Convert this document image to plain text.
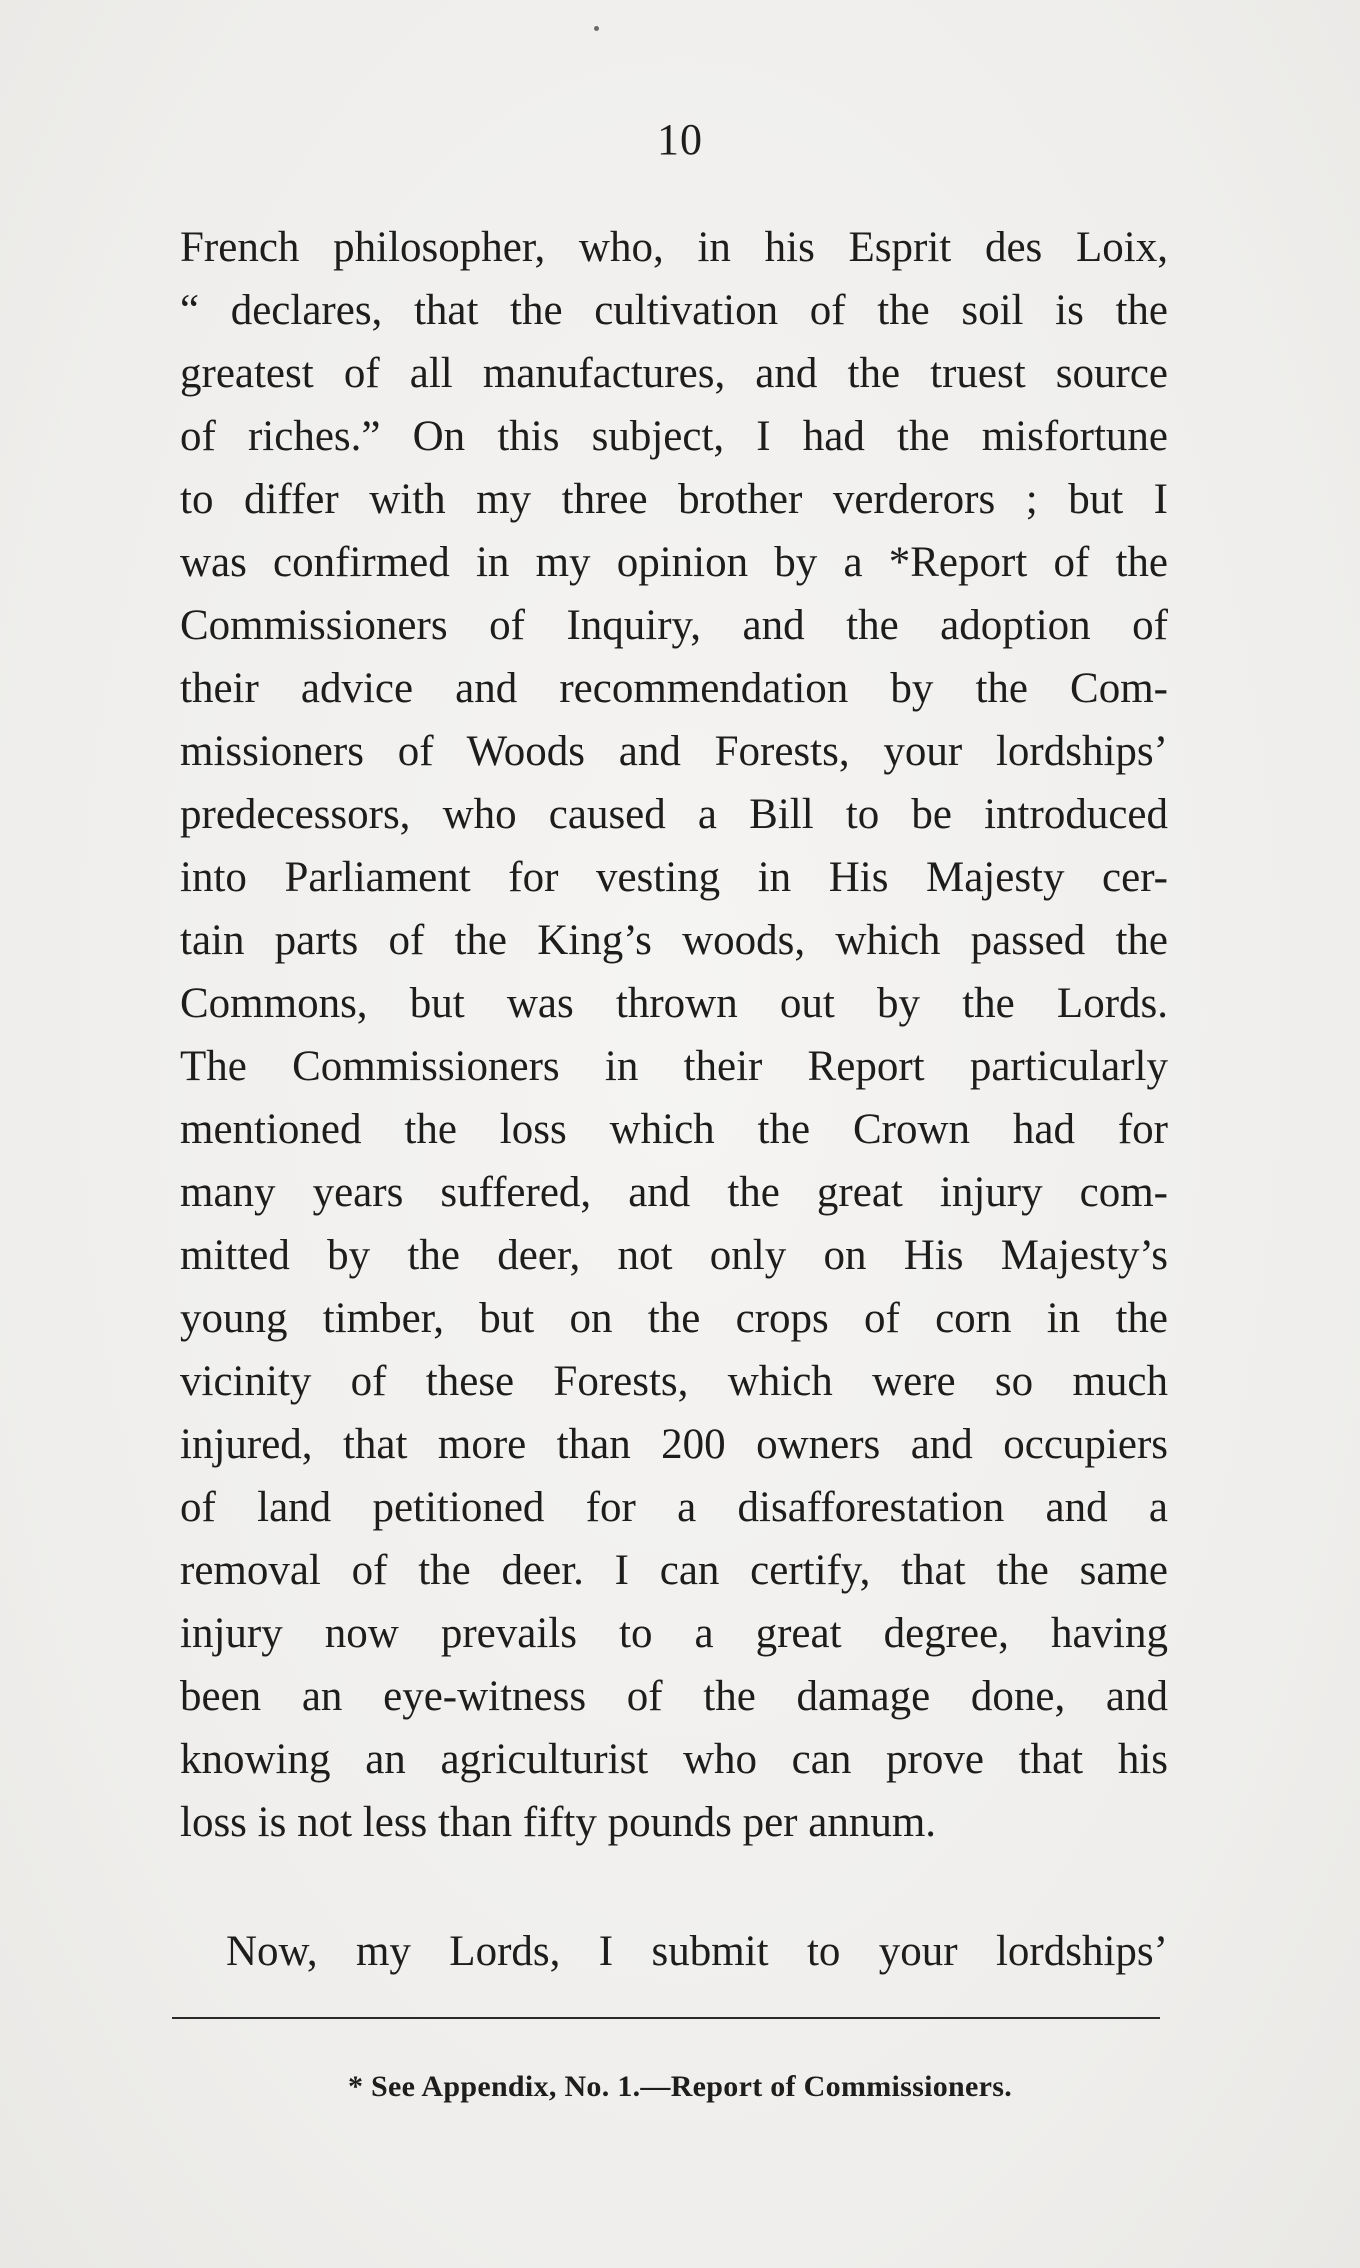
10
French philosopher, who, in his Esprit des Loix,
“ declares, that the cultivation of the soil is the
greatest of all manufactures, and the truest source
of riches.” On this subject, I had the misfortune
to differ with my three brother verderors ; but I
was confirmed in my opinion by a *Report of the
Commissioners of Inquiry, and the adoption of
their advice and recommendation by the Com-
missioners of Woods and Forests, your lordships’
predecessors, who caused a Bill to be introduced
into Parliament for vesting in His Majesty cer-
tain parts of the King’s woods, which passed the
Commons, but was thrown out by the Lords.
The Commissioners in their Report particularly
mentioned the loss which the Crown had for
many years suffered, and the great injury com-
mitted by the deer, not only on His Majesty’s
young timber, but on the crops of corn in the
vicinity of these Forests, which were so much
injured, that more than 200 owners and occupiers
of land petitioned for a disafforestation and a
removal of the deer. I can certify, that the same
injury now prevails to a great degree, having
been an eye-witness of the damage done, and
knowing an agriculturist who can prove that his
loss is not less than fifty pounds per annum.
Now, my Lords, I submit to your lordships’
* See Appendix, No. 1.—Report of Commissioners.
